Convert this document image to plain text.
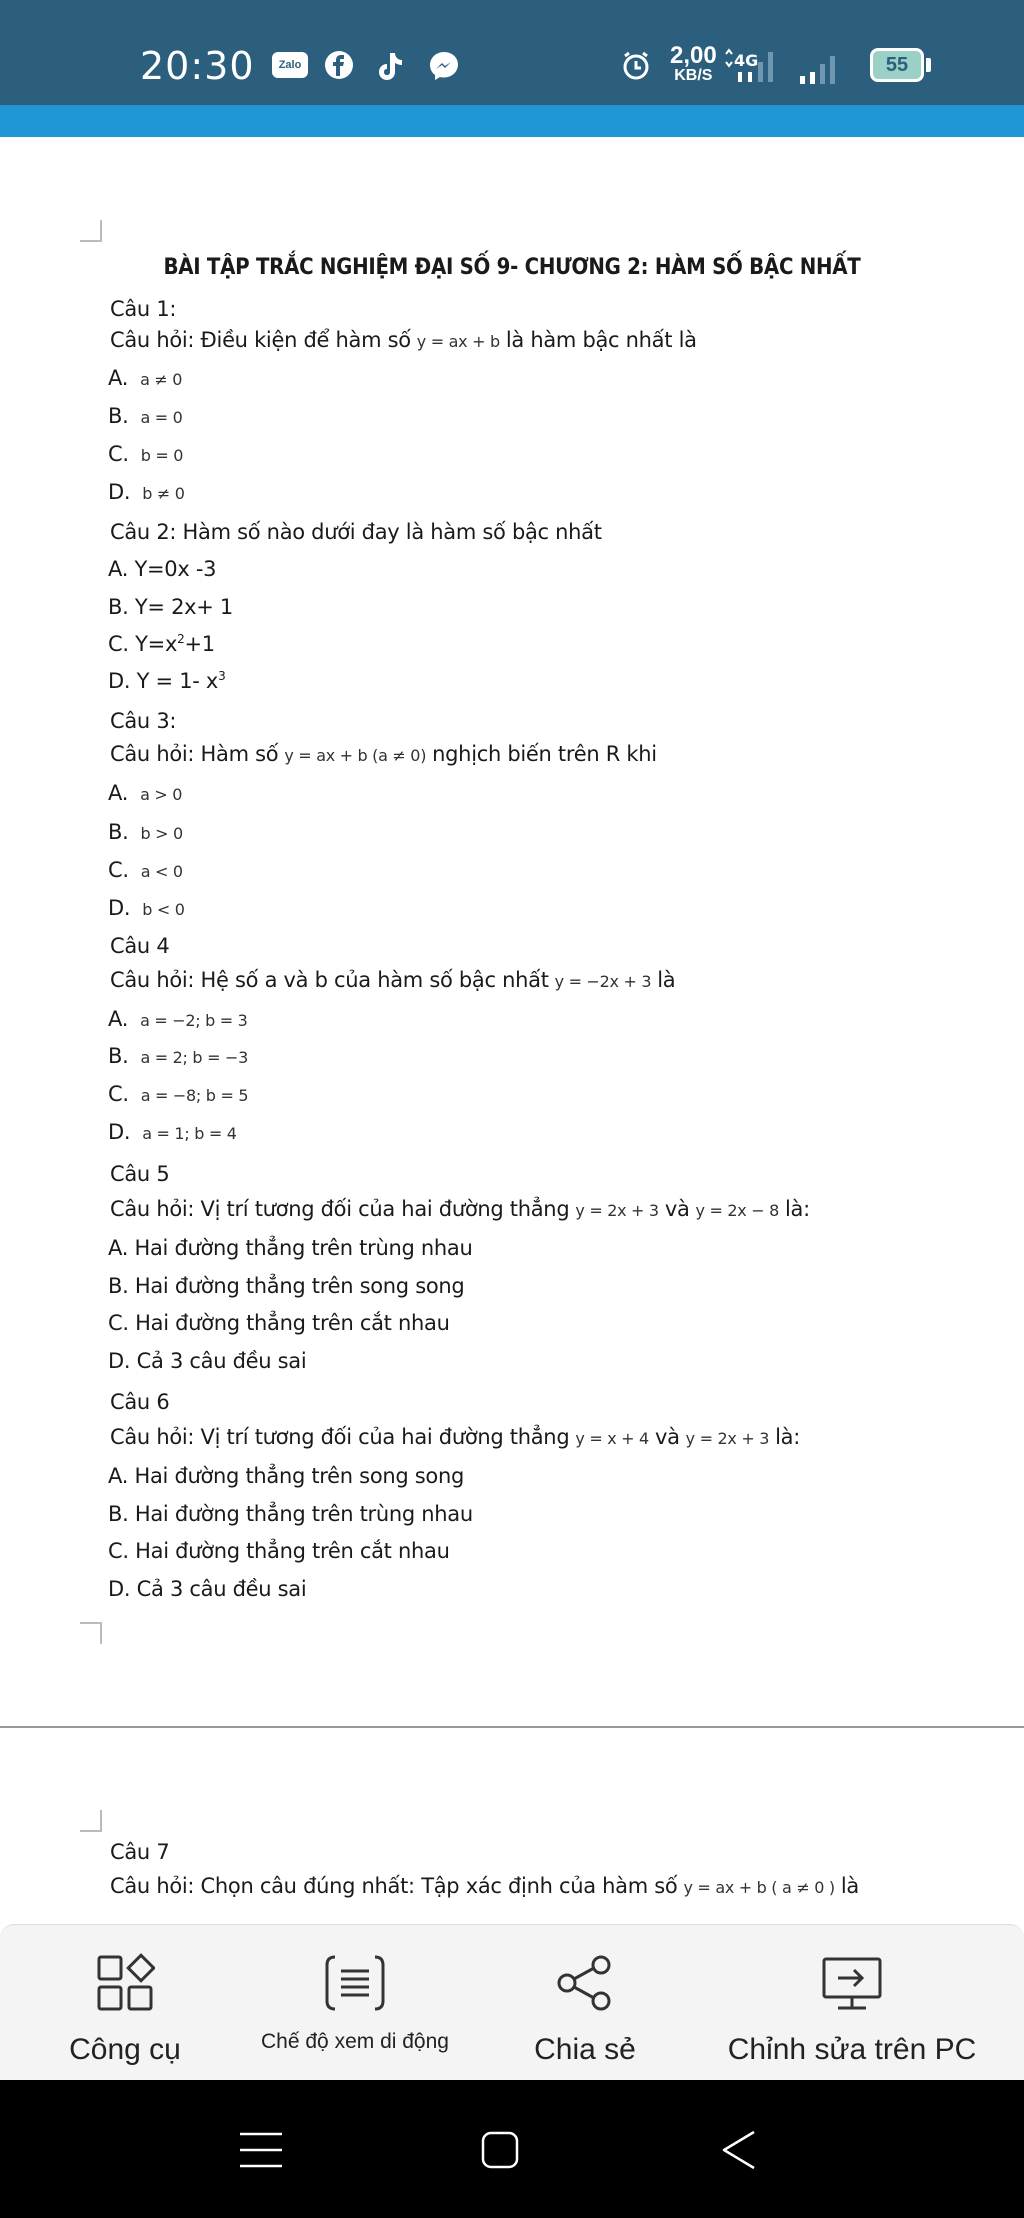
20:30	Zalo	2,00
KB/S
4G	55
BÀI TẬP TRẮC NGHIỆM ĐẠI SỐ 9- CHƯƠNG 2: HÀM SỐ BẬC NHẤT
Câu 1:
Câu hỏi: Điều kiện để hàm số y = ax + b là hàm bậc nhất là
A. a ≠ 0
B. a = 0
C. b = 0
D. b ≠ 0
Câu 2: Hàm số nào dưới đay là hàm số bậc nhất
A. Y=0x -3
B. Y= 2x+ 1
C. $Y=x^2+1$
D. Y = 1- $x^3$
Câu 3:
Câu hỏi: Hàm số y = ax + b (a ≠ 0) nghịch biến trên R khi
A. a > 0
B. b > 0
C. a < 0
D. b < 0
Câu 4
Câu hỏi: Hệ số a và b của hàm số bậc nhất y = −2x + 3 là
A. a = −2; b = 3
B. a = 2; b = −3
C. a = −8; b = 5
D. a = 1; b = 4
Câu 5
Câu hỏi: Vị trí tương đối của hai đường thẳng y = 2x + 3 và y = 2x − 8 là:
A. Hai đường thẳng trên trùng nhau
B. Hai đường thẳng trên song song
C. Hai đường thẳng trên cắt nhau
D. Cả 3 câu đều sai
Câu 6
Câu hỏi: Vị trí tương đối của hai đường thẳng y = x + 4 và y = 2x + 3 là:
A. Hai đường thẳng trên song song
B. Hai đường thẳng trên trùng nhau
C. Hai đường thẳng trên cắt nhau
D. Cả 3 câu đều sai
Câu 7
Câu hỏi: Chọn câu đúng nhất: Tập xác định của hàm số y = ax + b ( a ≠ 0 ) là
Công cụ	Chế độ xem di động	Chia sẻ	Chỉnh sửa trên PC
